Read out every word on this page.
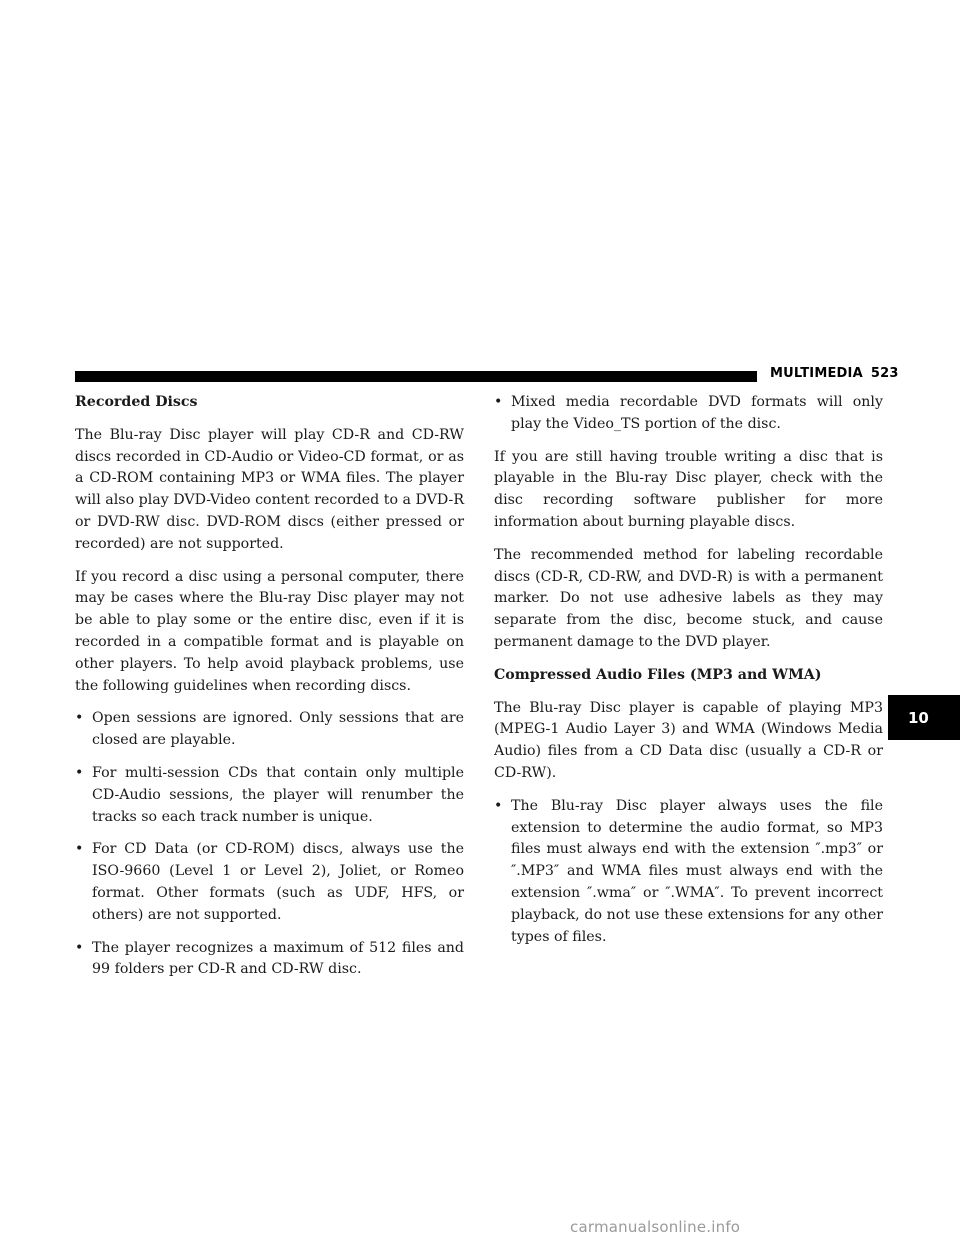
MULTIMEDIA 523
10
Recorded Discs

The Blu-ray Disc player will play CD-R and CD-RW discs recorded in CD-Audio or Video-CD format, or as a CD-ROM containing MP3 or WMA files. The player will also play DVD-Video content recorded to a DVD-R or DVD-RW disc. DVD-ROM discs (either pressed or recorded) are not supported.

If you record a disc using a personal computer, there may be cases where the Blu-ray Disc player may not be able to play some or the entire disc, even if it is recorded in a compatible format and is playable on other players. To help avoid playback problems, use the following guidelines when recording discs.

• Open sessions are ignored. Only sessions that are closed are playable.
• For multi-session CDs that contain only multiple CD-Audio sessions, the player will renumber the tracks so each track number is unique.
• For CD Data (or CD-ROM) discs, always use the ISO-9660 (Level 1 or Level 2), Joliet, or Romeo format. Other formats (such as UDF, HFS, or others) are not supported.
• The player recognizes a maximum of 512 files and 99 folders per CD-R and CD-RW disc.
• Mixed media recordable DVD formats will only play the Video_TS portion of the disc.

If you are still having trouble writing a disc that is playable in the Blu-ray Disc player, check with the disc recording software publisher for more information about burning playable discs.

The recommended method for labeling recordable discs (CD-R, CD-RW, and DVD-R) is with a permanent marker. Do not use adhesive labels as they may separate from the disc, become stuck, and cause permanent damage to the DVD player.

Compressed Audio Files (MP3 and WMA)

The Blu-ray Disc player is capable of playing MP3 (MPEG-1 Audio Layer 3) and WMA (Windows Media Audio) files from a CD Data disc (usually a CD-R or CD-RW).

• The Blu-ray Disc player always uses the file extension to determine the audio format, so MP3 files must always end with the extension ″.mp3″ or ″.MP3″ and WMA files must always end with the extension ″.wma″ or ″.WMA″. To prevent incorrect playback, do not use these extensions for any other types of files.
carmanualsonline.info
